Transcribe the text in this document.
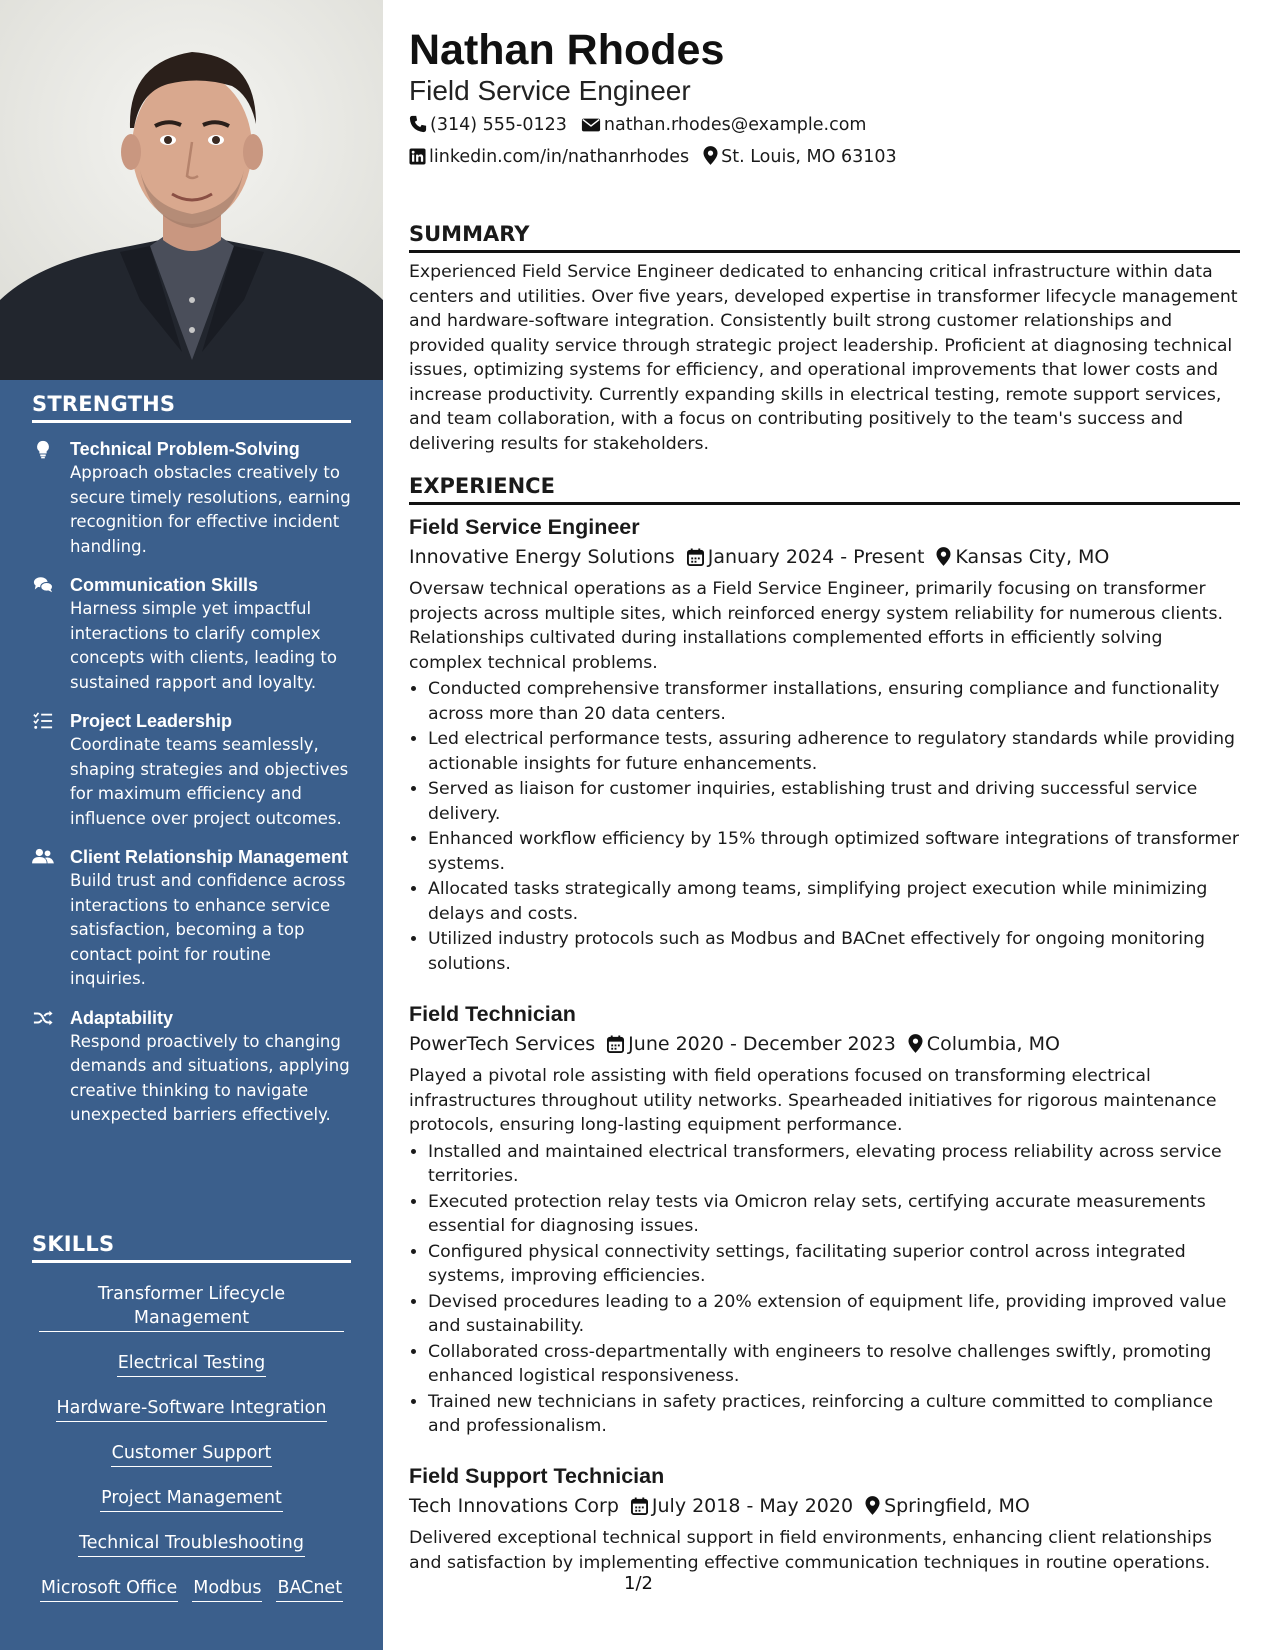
STRENGTHS
Technical Problem-Solving
Approach obstacles creatively to secure timely resolutions, earning recognition for effective incident handling.
Communication Skills
Harness simple yet impactful interactions to clarify complex concepts with clients, leading to sustained rapport and loyalty.
Project Leadership
Coordinate teams seamlessly, shaping strategies and objectives for maximum efficiency and influence over project outcomes.
Client Relationship Management
Build trust and confidence across interactions to enhance service satisfaction, becoming a top contact point for routine inquiries.
Adaptability
Respond proactively to changing demands and situations, applying creative thinking to navigate unexpected barriers effectively.
SKILLS
Transformer Lifecycle Management
Electrical Testing
Hardware-Software Integration
Customer Support
Project Management
Technical Troubleshooting
Microsoft Office Modbus BACnet
Nathan Rhodes
Field Service Engineer
(314) 555-0123 nathan.rhodes@example.com
linkedin.com/in/nathanrhodes St. Louis, MO 63103
SUMMARY

Experienced Field Service Engineer dedicated to enhancing critical infrastructure within data centers and utilities. Over five years, developed expertise in transformer lifecycle management and hardware-software integration. Consistently built strong customer relationships and provided quality service through strategic project leadership. Proficient at diagnosing technical issues, optimizing systems for efficiency, and operational improvements that lower costs and increase productivity. Currently expanding skills in electrical testing, remote support services, and team collaboration, with a focus on contributing positively to the team's success and delivering results for stakeholders.

EXPERIENCE
Field Service Engineer
Innovative Energy Solutions January 2024 - Present Kansas City, MO
Oversaw technical operations as a Field Service Engineer, primarily focusing on transformer projects across multiple sites, which reinforced energy system reliability for numerous clients. Relationships cultivated during installations complemented efforts in efficiently solving complex technical problems.
• Conducted comprehensive transformer installations, ensuring compliance and functionality across more than 20 data centers.
• Led electrical performance tests, assuring adherence to regulatory standards while providing actionable insights for future enhancements.
• Served as liaison for customer inquiries, establishing trust and driving successful service delivery.
• Enhanced workflow efficiency by 15% through optimized software integrations of transformer systems.
• Allocated tasks strategically among teams, simplifying project execution while minimizing delays and costs.
• Utilized industry protocols such as Modbus and BACnet effectively for ongoing monitoring solutions.
Field Technician
PowerTech Services June 2020 - December 2023 Columbia, MO
Played a pivotal role assisting with field operations focused on transforming electrical infrastructures throughout utility networks. Spearheaded initiatives for rigorous maintenance protocols, ensuring long-lasting equipment performance.
• Installed and maintained electrical transformers, elevating process reliability across service territories.
• Executed protection relay tests via Omicron relay sets, certifying accurate measurements essential for diagnosing issues.
• Configured physical connectivity settings, facilitating superior control across integrated systems, improving efficiencies.
• Devised procedures leading to a 20% extension of equipment life, providing improved value and sustainability.
• Collaborated cross-departmentally with engineers to resolve challenges swiftly, promoting enhanced logistical responsiveness.
• Trained new technicians in safety practices, reinforcing a culture committed to compliance and professionalism.
Field Support Technician
Tech Innovations Corp July 2018 - May 2020 Springfield, MO
Delivered exceptional technical support in field environments, enhancing client relationships and satisfaction by implementing effective communication techniques in routine operations.
1/2
